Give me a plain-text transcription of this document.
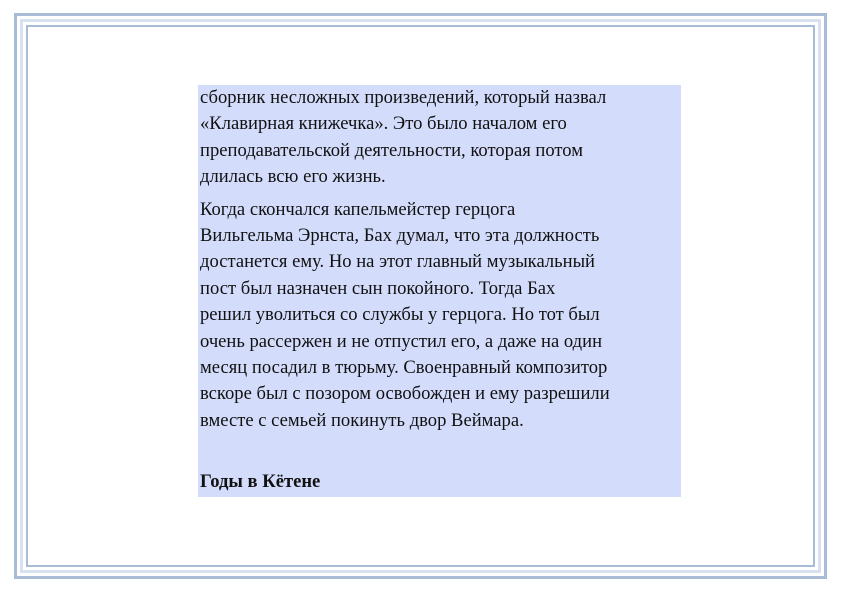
сборник несложных произведений, который назвал
«Клавирная книжечка». Это было началом его
преподавательской деятельности, которая потом
длилась всю его жизнь.

Когда скончался капельмейстер герцога
Вильгельма Эрнста, Бах думал, что эта должность
достанется ему. Но на этот главный музыкальный
пост был назначен сын покойного. Тогда Бах
решил уволиться со службы у герцога. Но тот был
очень рассержен и не отпустил его, а даже на один
месяц посадил в тюрьму. Своенравный композитор
вскоре был с позором освобожден и ему разрешили
вместе с семьей покинуть двор Веймара.

Годы в Кётене
